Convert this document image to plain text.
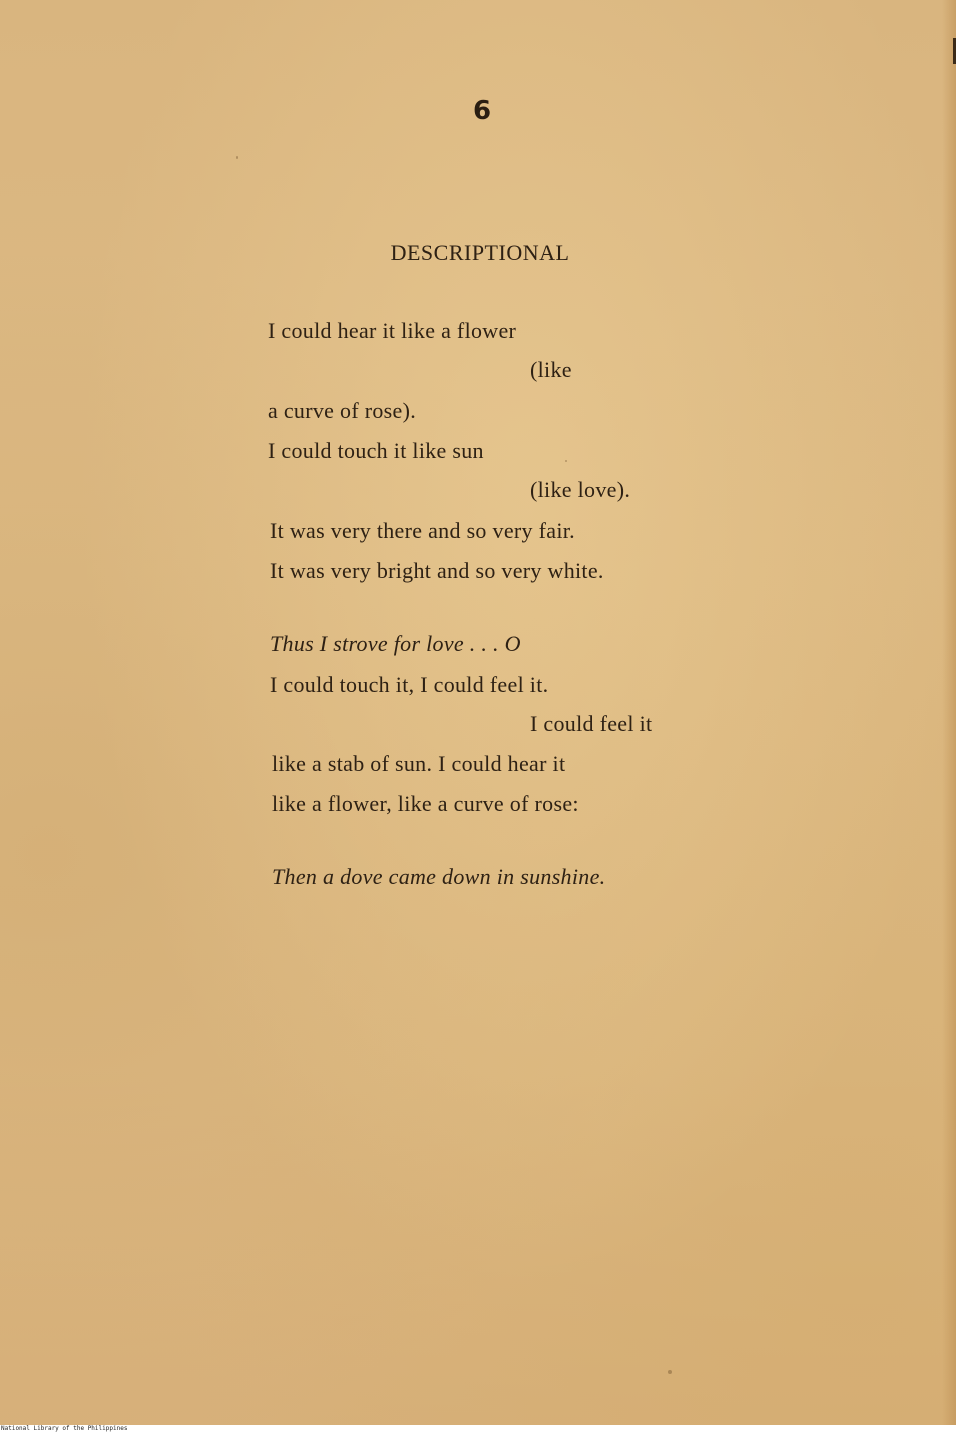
6
DESCRIPTIONAL
I could hear it like a flower
(like
a curve of rose).
I could touch it like sun
(like love).
It was very there and so very fair.
It was very bright and so very white.
Thus I strove for love . . . O
I could touch it, I could feel it.
I could feel it
like a stab of sun. I could hear it
like a flower, like a curve of rose:
Then a dove came down in sunshine.
National Library of the Philippines
